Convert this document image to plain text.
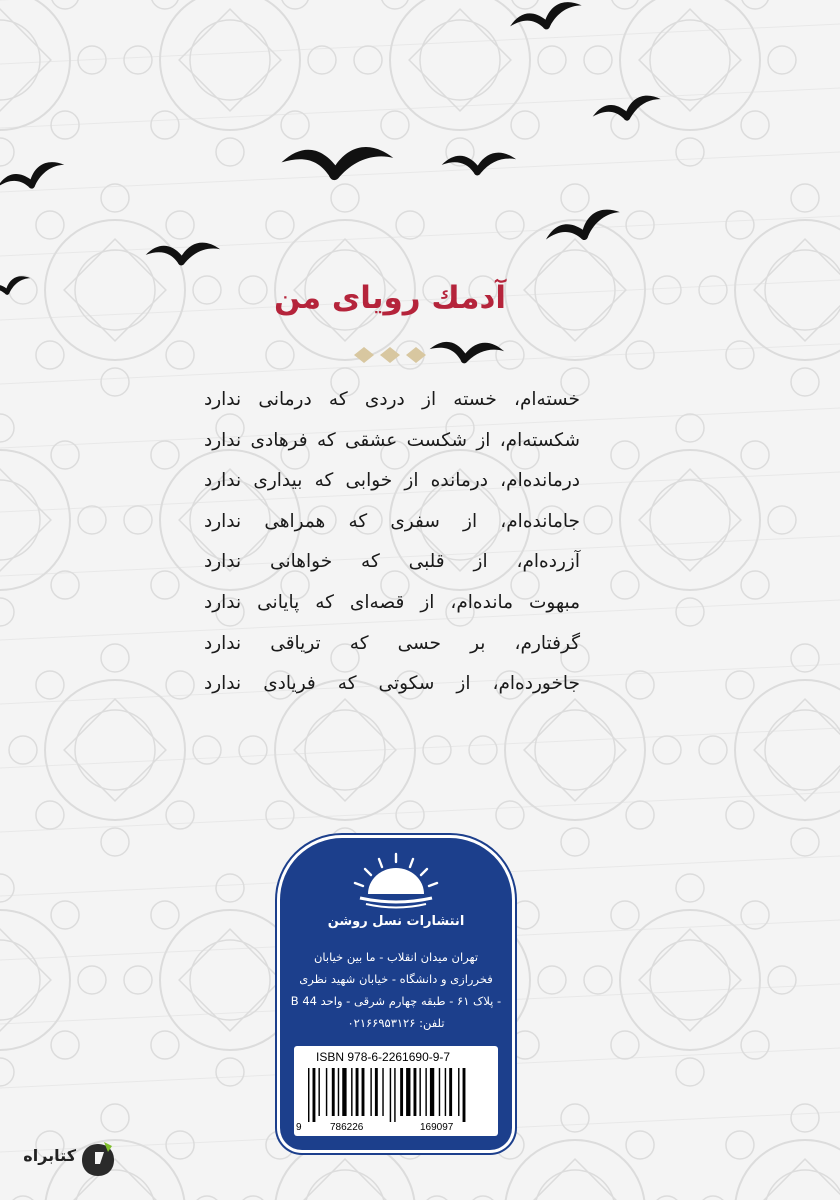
آدمك رويای من
خسته‌ام، خسته از دردی که درمانی ندارد
شکسته‌ام، از شکست عشقی که فرهادی ندارد
درمانده‌ام، درمانده از خوابی که بیداری ندارد
جامانده‌ام، از سفری که همراهی ندارد
آزرده‌ام، از قلبی که خواهانی ندارد
مبهوت مانده‌ام، از قصه‌ای که پایانی ندارد
گرفتارم، بر حسی که تریاقی ندارد
جاخورده‌ام، از سکوتی که فریادی ندارد
انتشارات نسل روشن
تهران میدان انقلاب - ما بین خیابان
فخررازی و دانشگاه - خیابان شهید نظری
- پلاک ۶۱ - طبقه چهارم شرقی - واحد 44 B
تلفن: ۰۲۱۶۶۹۵۳۱۲۶
ISBN 978-6-2261690-9-7
9	786226	169097
کتابراه
